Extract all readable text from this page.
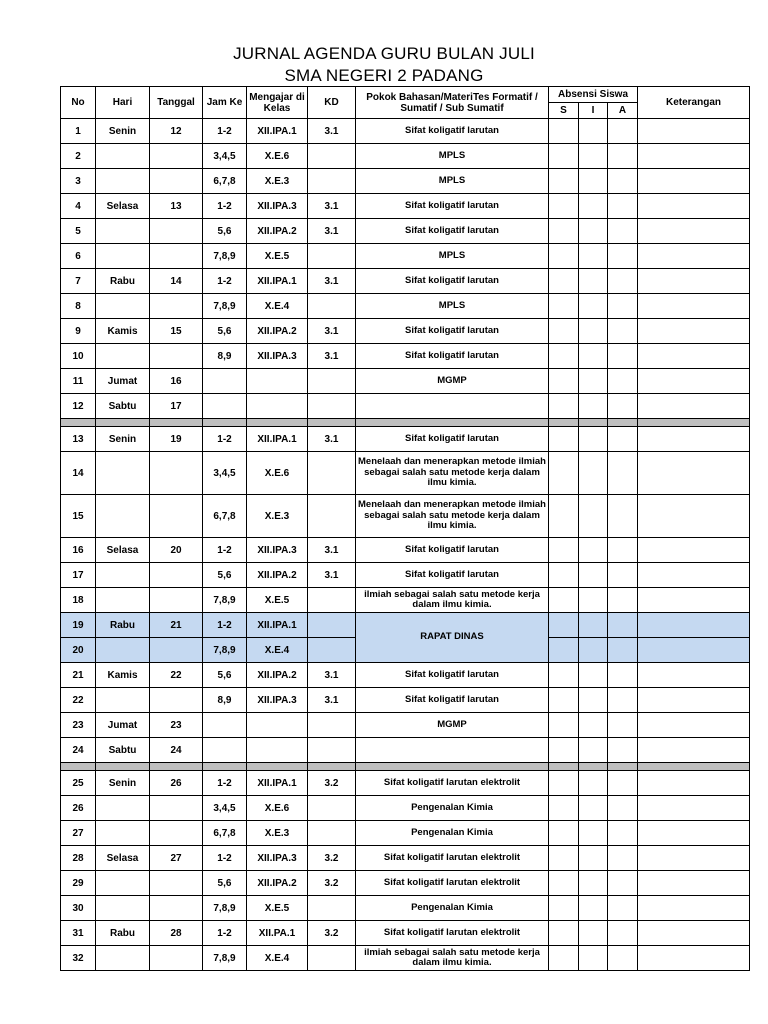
JURNAL AGENDA GURU BULAN JULI
SMA NEGERI 2 PADANG
No	Hari	Tanggal	Jam Ke	Mengajar di Kelas	KD	Pokok Bahasan/MateriTes Formatif / Sumatif / Sub Sumatif	Absensi Siswa			Keterangan
							S	I	A	
1	Senin	12	1-2	XII.IPA.1	3.1	Sifat koligatif larutan				
2			3,4,5	X.E.6		MPLS				
3			6,7,8	X.E.3		MPLS				
4	Selasa	13	1-2	XII.IPA.3	3.1	Sifat koligatif larutan				
5			5,6	XII.IPA.2	3.1	Sifat koligatif larutan				
6			7,8,9	X.E.5		MPLS				
7	Rabu	14	1-2	XII.IPA.1	3.1	Sifat koligatif larutan				
8			7,8,9	X.E.4		MPLS				
9	Kamis	15	5,6	XII.IPA.2	3.1	Sifat koligatif larutan				
10			8,9	XII.IPA.3	3.1	Sifat koligatif larutan				
11	Jumat	16				MGMP				
12	Sabtu	17								

13	Senin	19	1-2	XII.IPA.1	3.1	Sifat koligatif larutan				
14			3,4,5	X.E.6		Menelaah dan menerapkan metode ilmiah sebagai salah satu metode kerja dalam ilmu kimia.				
15			6,7,8	X.E.3		Menelaah dan menerapkan metode ilmiah sebagai salah satu metode kerja dalam ilmu kimia.				
16	Selasa	20	1-2	XII.IPA.3	3.1	Sifat koligatif larutan				
17			5,6	XII.IPA.2	3.1	Sifat koligatif larutan				
18			7,8,9	X.E.5		ilmiah sebagai salah satu metode kerja dalam ilmu kimia.				
19	Rabu	21	1-2	XII.IPA.1		RAPAT DINAS				
20			7,8,9	X.E.4						
21	Kamis	22	5,6	XII.IPA.2	3.1	Sifat koligatif larutan				
22			8,9	XII.IPA.3	3.1	Sifat koligatif larutan				
23	Jumat	23				MGMP				
24	Sabtu	24								

25	Senin	26	1-2	XII.IPA.1	3.2	Sifat koligatif larutan elektrolit				
26			3,4,5	X.E.6		Pengenalan Kimia				
27			6,7,8	X.E.3		Pengenalan Kimia				
28	Selasa	27	1-2	XII.IPA.3	3.2	Sifat koligatif larutan elektrolit				
29			5,6	XII.IPA.2	3.2	Sifat koligatif larutan elektrolit				
30			7,8,9	X.E.5		Pengenalan Kimia				
31	Rabu	28	1-2	XII.PA.1	3.2	Sifat koligatif larutan elektrolit				
32			7,8,9	X.E.4		ilmiah sebagai salah satu metode kerja dalam ilmu kimia.				
